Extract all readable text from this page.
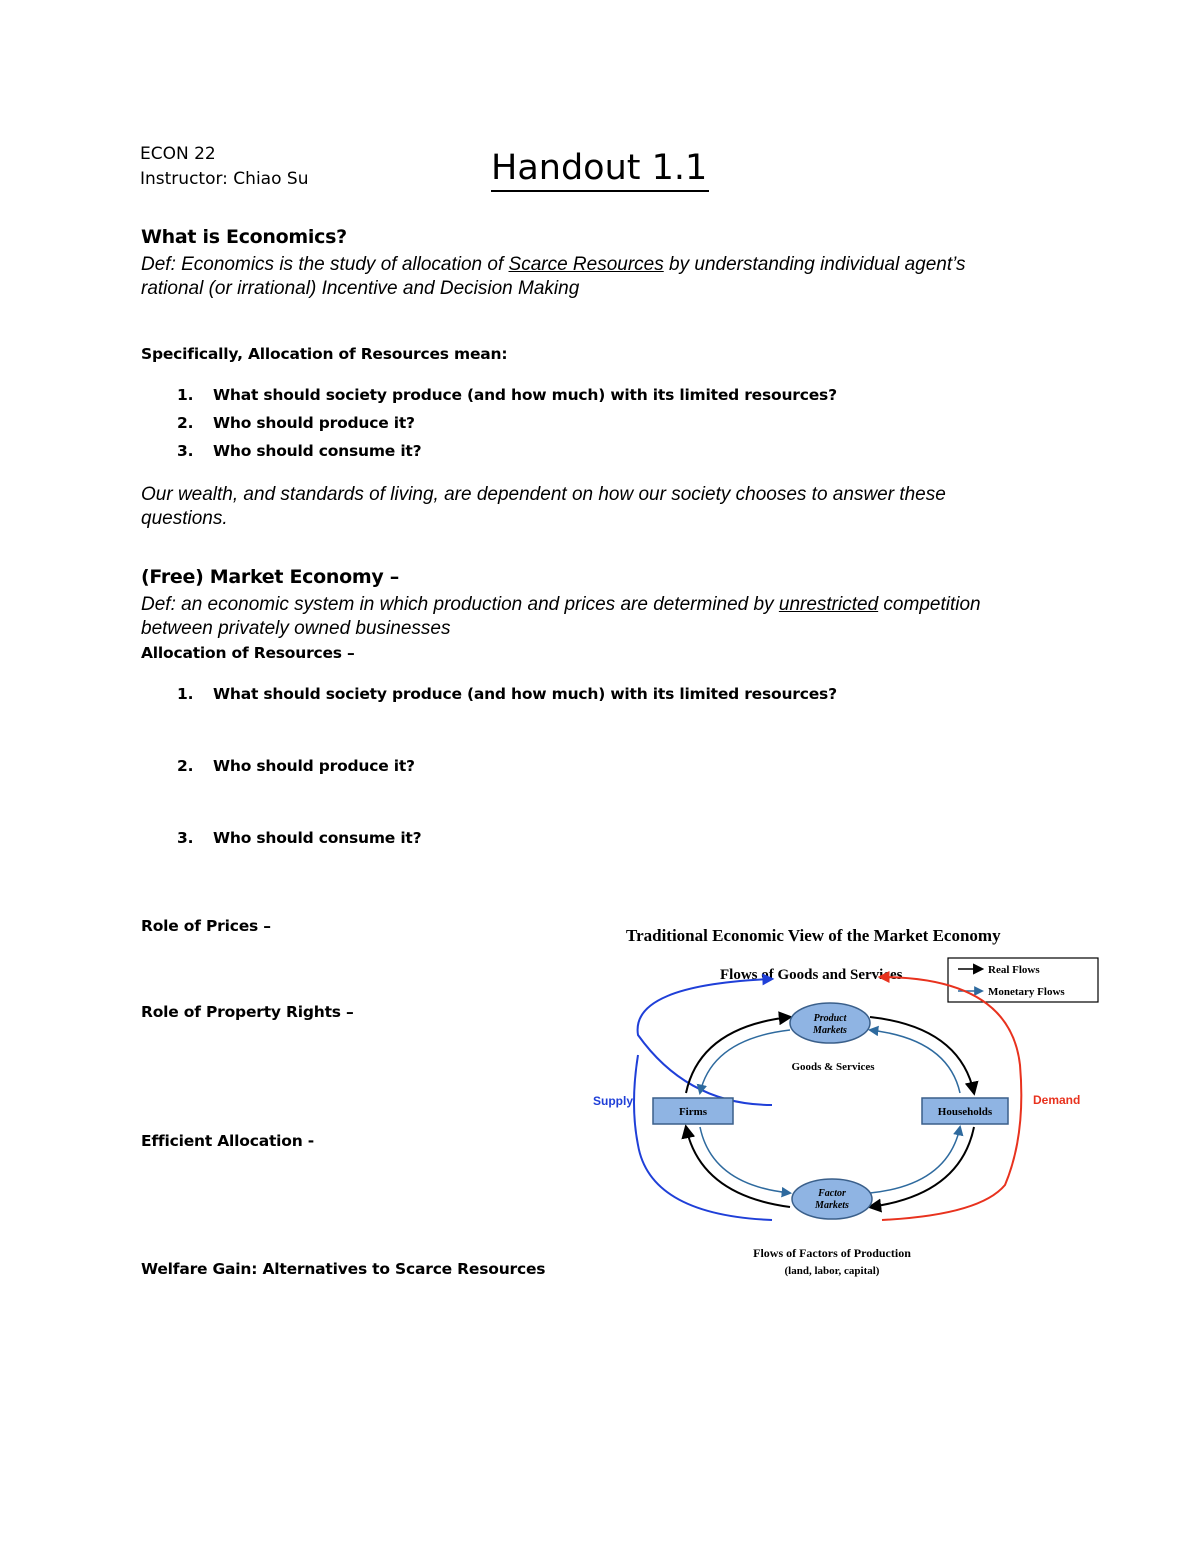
ECON 22
Instructor: Chiao Su	Handout 1.1
What is Economics?
Def: Economics is the study of allocation of Scarce Resources by understanding individual agent’s
rational (or irrational) Incentive and Decision Making
Specifically, Allocation of Resources mean:
1. What should society produce (and how much) with its limited resources?
2. Who should produce it?
3. Who should consume it?
Our wealth, and standards of living, are dependent on how our society chooses to answer these
questions.
(Free) Market Economy –
Def: an economic system in which production and prices are determined by unrestricted competition
between privately owned businesses
Allocation of Resources –
1. What should society produce (and how much) with its limited resources?
2. Who should produce it?
3. Who should consume it?
Role of Prices –
Role of Property Rights –
Efficient Allocation -
Welfare Gain: Alternatives to Scarce Resources
Traditional Economic View of the Market Economy
Flows of Goods and Services	Real Flows
Monetary Flows
Supply	Demand
Product
Markets
Goods & Services
Firms	Households
Factor
Markets
Flows of Factors of Production
(land, labor, capital)
